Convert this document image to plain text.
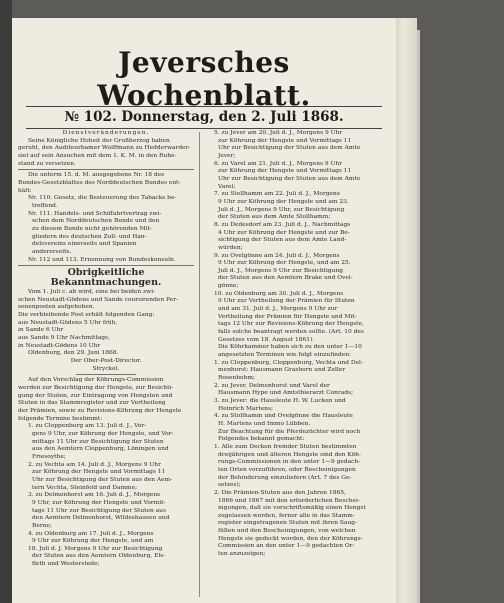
Jeversches Wochenblatt.
№ 102. Donnerstag, den 2. Juli 1868.
Dienstveränderungen.
Seine Königliche Hoheit der Großherzog haben
geruht, den Auditeurbamer Wolffmann zu Hedderwarder-
siel auf sein Ansuchen mit dem 1. K. M. in den Ruhe-
stand zu versetzen.
Die unterm 15. d. M. ausgegebene Nr. 18 des
Bundes-Gesetzblattes des Norddeutschen Bundes ent-
hält:
Nr. 110. Gesetz, die Besteuerung des Tabacks be-
treffend.
Nr. 111. Handels- und Schiffahrtvertrag zwi-
schen dem Norddeutschen Bunde und den
zu diesem Bunde nicht gehörenden Mit-
gliedern des deutschen Zoll- und Han-
delsvereins einerseits und Spanien
andererseits.
Nr. 112 und 113. Ernennung von Bundeskonsuln.
Obrigkeitliche Bekanntmachungen.
Vom 1. Juli c. ab wird, eine bei beiden zwi-
schen Neustadt-Gödens und Sande coursirenden Per-
sonenposten aufgehoben.
Die verbleibende Post erhält folgenden Gang:
aus Neustadt-Gödens 5 Uhr früh,
in Sande 6 Uhr
aus Sande 9 Uhr Nachmittags,
in Neustadt-Gödens 10 Uhr
Oldenburg, den 29. Juni 1868.
Der Ober-Post-Director.
Stryckel.
Auf den Vorschlag der Köhrungs-Commission
werden zur Besichtigung der Hengste, zur Besichti-
gung der Stuten, zur Eintragung von Hengsten und
Stuten in das Stammregister und zur Vertheilung
der Prämien, sowie zu Revisions-Köhrung der Hengste
folgende Termine bestimmt:
1. zu Cloppenburg am 13. Juli d. J., Vor-
gens 9 Uhr, zur Köhrung der Hengste, und Vor-
mittags 11 Uhr zur Besichtigung der Stuten
aus den Aemtern Cloppenburg, Löningen und
Friesoythe;
2. zu Vechta am 14. Juli d. J., Morgens 9 Uhr
zur Köhrung der Hengste und Vormittags 11
Uhr zur Besichtigung der Stuten aus den Aem-
tern Vechta, Steinfeld und Damme;
3. zu Delmenhorst am 16. Juli d. J., Morgens
9 Uhr, zur Köhrung der Hengste und Vormit-
tags 11 Uhr zur Besichtigung der Stuten aus
den Aemtern Delmenhorst, Wildeshausen und
Berne;
4. zu Oldenburg am 17. Juli d. J., Morgens
9 Uhr zur Köhrung der Hengste, und am
18. Juli d. J. Morgens 9 Uhr zur Besichtigung
der Stuten aus den Aemtern Oldenburg, Els-
fleth und Westerstede;
5. zu Jever am 20. Juli d. J., Morgens 9 Uhr
zur Köhrung der Hengste und Vormittags 11
Uhr zur Besichtigung der Stuten aus dem Amte
Jever;
6. zu Varel am 21. Juli d. J., Morgens 9 Uhr
zur Köhrung der Hengste und Vormittags 11
Uhr zur Besichtigung der Stuten aus dem Amte
Varel;
7. zu Stollhamm am 22. Juli d. J., Morgens
9 Uhr zur Köhrung der Hengste und am 23.
Juli d. J., Morgens 9 Uhr, zur Besichtigung
der Stuten aus dem Amte Stollhamm;
8. zu Dedesdorf am 23. Juli d. J., Nachmittags
4 Uhr zur Köhrung der Hengste und zur Be-
sichtigung der Stuten aus dem Amte Land-
würden;
9. zu Ovelgönne am 24. Juli d. J., Morgens
9 Uhr zur Köhrung der Hengste, und am 25.
Juli d. J., Morgens 9 Uhr zur Besichtigung
der Stuten aus den Aemtern Brake und Ovel-
gönne;
10. zu Oldenburg am 30. Juli d. J., Morgens
9 Uhr zur Vertheilung der Prämien für Stuten
und am 31. Juli d. J., Morgens 9 Uhr zur
Vertheilung der Prämien für Hengste und Mit-
tags 12 Uhr zur Revisions-Köhrung der Hengste,
falls solche beantragt werden sollte. (Art. 10 des
Gesetzes vom 18. August 1861).
Die Köhrkammer haben sich zu den unter 1—10
angesetzten Terminen wie folgt einzufinden:
1. zu Cloppenburg, Cloppenburg, Vechta und Del-
menhorst: Hausmann Grashorn und Zeller
Rosenbohm;
2. zu Jever, Delmenhorst und Varel der
Hausmann Hype und Amtsthierarzt Conrads;
3. zu Jever: die Hausleute H. W. Lucken und
Heinrich Martens;
4. zu Stollhamm und Ovelgönne die Hausleute
H. Martens und Immo Lübben.
Zur Beachtung für die Pferdezüchter wird noch
Folgendes bekannt gemacht:
1. Alle zum Decken fremder Stuten bestimmten
dreijährigen und älteren Hengste sind den Köh-
rungs-Commissionen in den unter 1—9 gedach-
ten Orten vorzuführen, oder Bescheinigungen
der Behinderung einzuliefern (Art. 7 des Ge-
setzes);
2. Die Prämien-Stuten aus den Jahren 1865,
1866 und 1867 mit den erforderlichen Beschei-
nigungen, daß sie vorschriftsmäßig einen Hengst
zugelassen worden, ferner alle in das Stamm-
register eingetragenen Stuten mit ihren Saug-
füllen und den Bescheinigungen, von welchen
Hengste sie gedeckt worden, den der Köhrungs-
Commission an den unter 1—9 gedachten Or-
ten anzuzeigen;
